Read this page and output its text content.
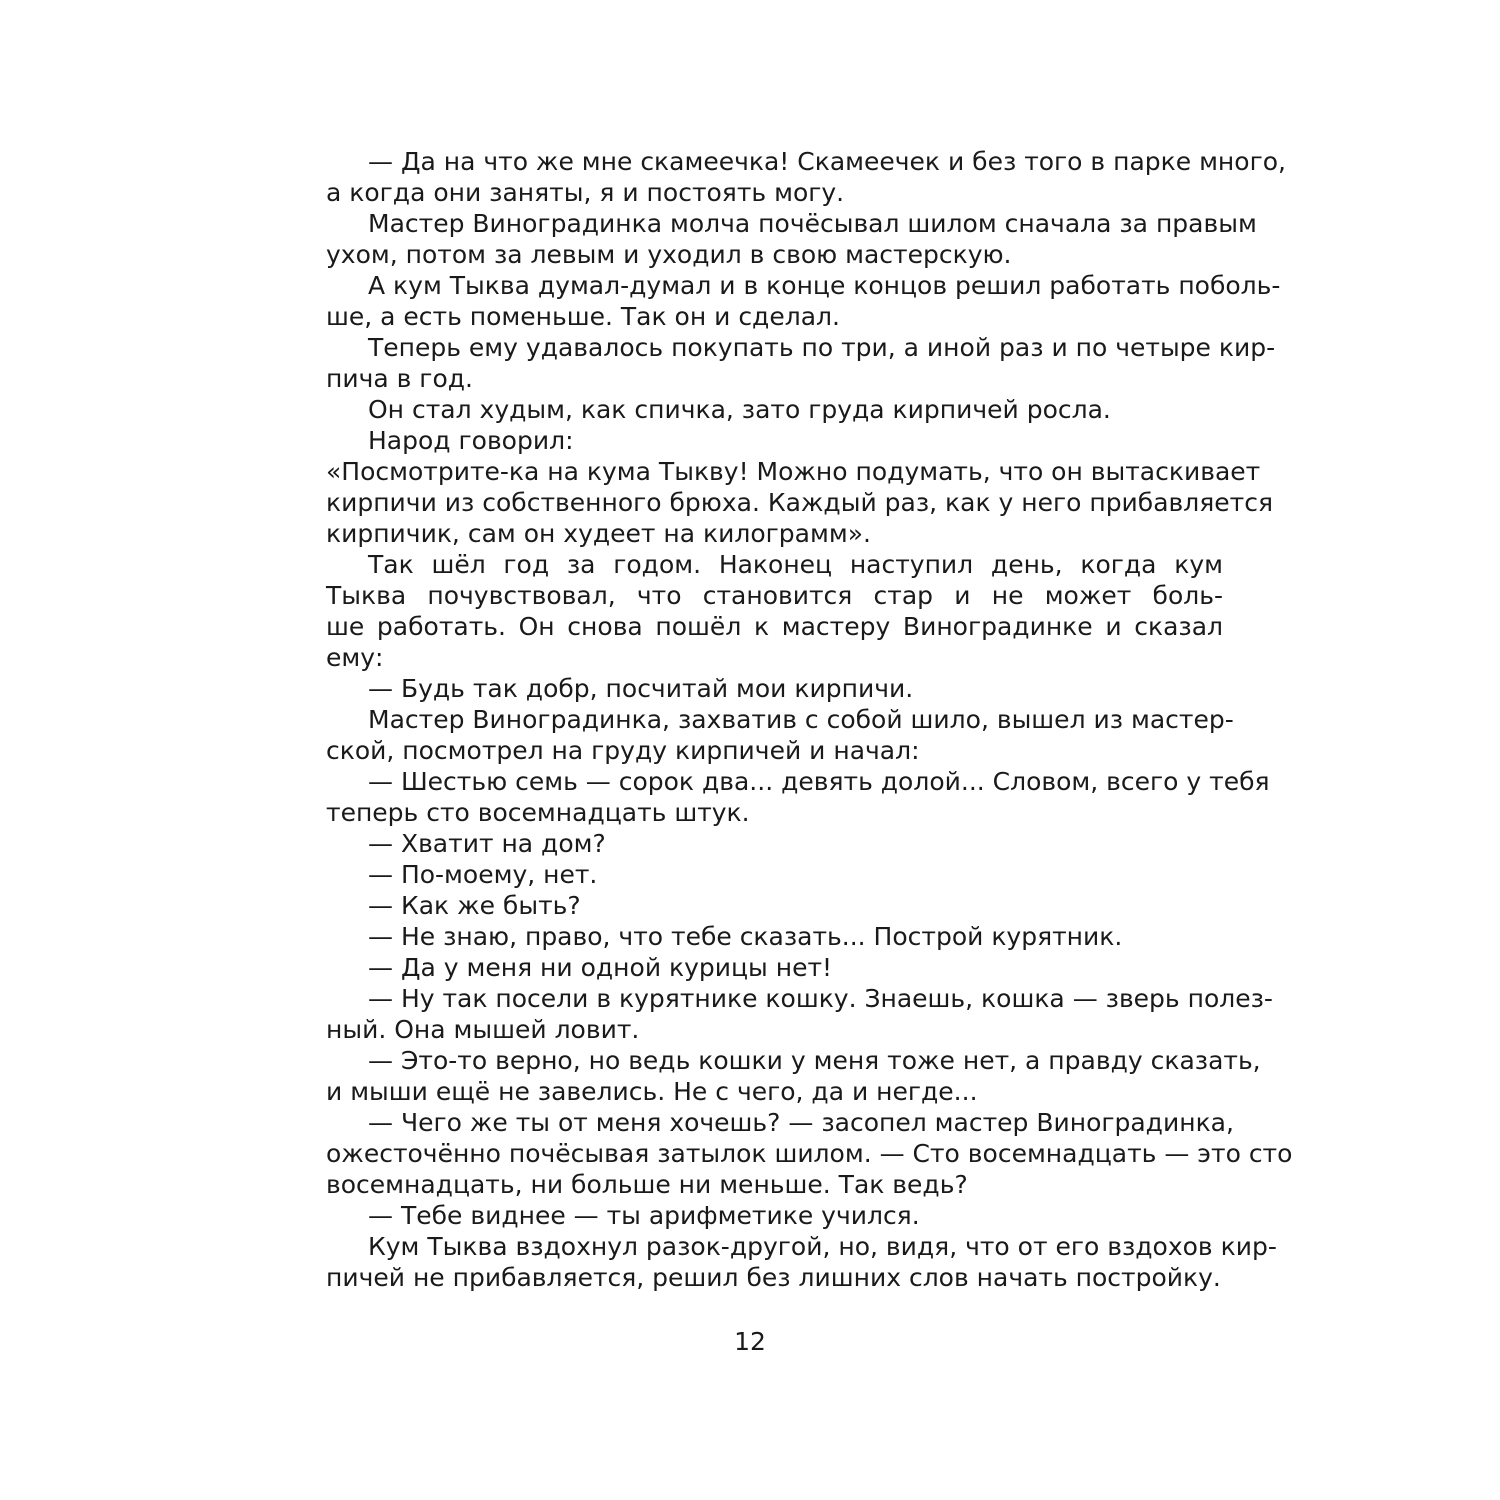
— Да на что же мне скамеечка! Скамеечек и без того в парке много,
а когда они заняты, я и постоять могу.
Мастер Виноградинка молча почёсывал шилом сначала за правым
ухом, потом за левым и уходил в свою мастерскую.
А кум Тыква думал-думал и в конце концов решил работать поболь-
ше, а есть поменьше. Так он и сделал.
Теперь ему удавалось покупать по три, а иной раз и по четыре кир-
пича в год.
Он стал худым, как спичка, зато груда кирпичей росла.
Народ говорил:
«Посмотрите-ка на кума Тыкву! Можно подумать, что он вытаскивает
кирпичи из собственного брюха. Каждый раз, как у него прибавляется
кирпичик, сам он худеет на килограмм».
Так шёл год за годом. Наконец наступил день, когда кум
Тыква почувствовал, что становится стар и не может боль-
ше работать. Он снова пошёл к мастеру Виноградинке и сказал
ему:
— Будь так добр, посчитай мои кирпичи.
Мастер Виноградинка, захватив с собой шило, вышел из мастер-
ской, посмотрел на груду кирпичей и начал:
— Шестью семь — сорок два... девять долой... Словом, всего у тебя
теперь сто восемнадцать штук.
— Хватит на дом?
— По-моему, нет.
— Как же быть?
— Не знаю, право, что тебе сказать... Построй курятник.
— Да у меня ни одной курицы нет!
— Ну так посели в курятнике кошку. Знаешь, кошка — зверь полез-
ный. Она мышей ловит.
— Это-то верно, но ведь кошки у меня тоже нет, а правду сказать,
и мыши ещё не завелись. Не с чего, да и негде...
— Чего же ты от меня хочешь? — засопел мастер Виноградинка,
ожесточённо почёсывая затылок шилом. — Сто восемнадцать — это сто
восемнадцать, ни больше ни меньше. Так ведь?
— Тебе виднее — ты арифметике учился.
Кум Тыква вздохнул разок-другой, но, видя, что от его вздохов кир-
пичей не прибавляется, решил без лишних слов начать постройку.
12
